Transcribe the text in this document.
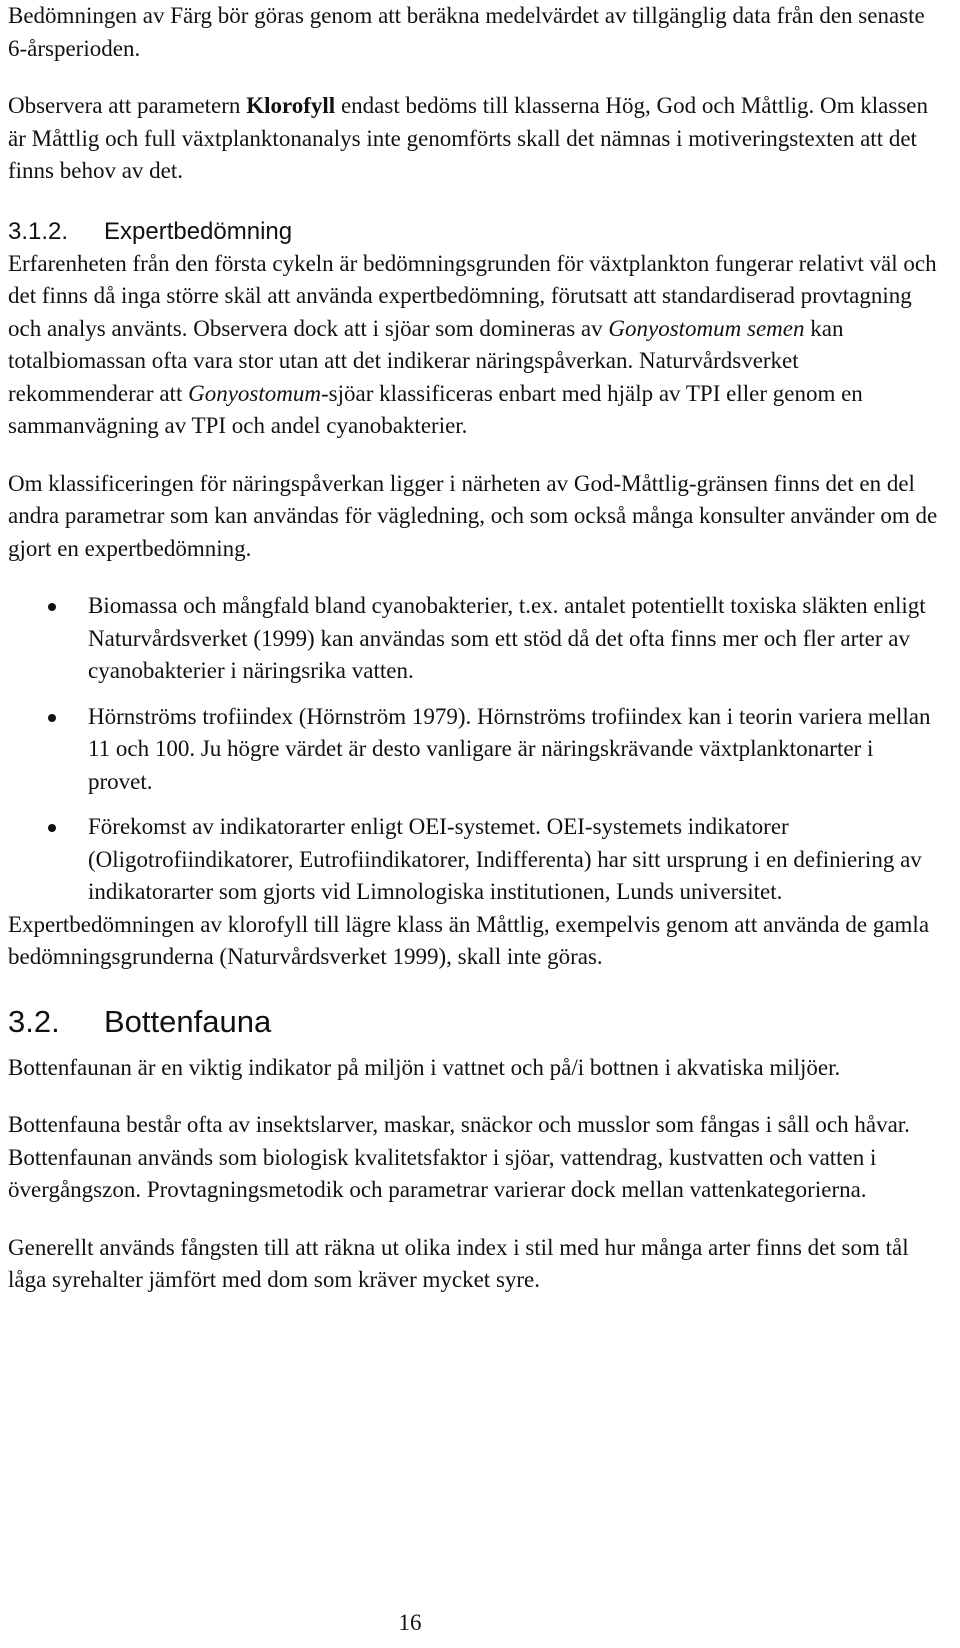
Bedömningen av Färg bör göras genom att beräkna medelvärdet av tillgänglig data från den senaste 6-årsperioden.

Observera att parametern Klorofyll endast bedöms till klasserna Hög, God och Måttlig. Om klassen är Måttlig och full växtplanktonanalys inte genomförts skall det nämnas i motiveringstexten att det finns behov av det.

3.1.2.	Expertbedömning

Erfarenheten från den första cykeln är bedömningsgrunden för växtplankton fungerar relativt väl och det finns då inga större skäl att använda expertbedömning, förutsatt att standardiserad provtagning och analys använts. Observera dock att i sjöar som domineras av Gonyostomum semen kan totalbiomassan ofta vara stor utan att det indikerar näringspåverkan. Naturvårdsverket rekommenderar att Gonyostomum-sjöar klassificeras enbart med hjälp av TPI eller genom en sammanvägning av TPI och andel cyanobakterier.

Om klassificeringen för näringspåverkan ligger i närheten av God-Måttlig-gränsen finns det en del andra parametrar som kan användas för vägledning, och som också många konsulter använder om de gjort en expertbedömning.

Biomassa och mångfald bland cyanobakterier, t.ex. antalet potentiellt toxiska släkten enligt Naturvårdsverket (1999) kan användas som ett stöd då det ofta finns mer och fler arter av cyanobakterier i näringsrika vatten.
Hörnströms trofiindex (Hörnström 1979). Hörnströms trofiindex kan i teorin variera mellan 11 och 100. Ju högre värdet är desto vanligare är näringskrävande växtplanktonarter i provet.
Förekomst av indikatorarter enligt OEI-systemet. OEI-systemets indikatorer (Oligotrofiindikatorer, Eutrofiindikatorer, Indifferenta) har sitt ursprung i en definiering av indikatorarter som gjorts vid Limnologiska institutionen, Lunds universitet.

Expertbedömningen av klorofyll till lägre klass än Måttlig, exempelvis genom att använda de gamla bedömningsgrunderna (Naturvårdsverket 1999), skall inte göras.

3.2.	Bottenfauna

Bottenfaunan är en viktig indikator på miljön i vattnet och på/i bottnen i akvatiska miljöer.

Bottenfauna består ofta av insektslarver, maskar, snäckor och musslor som fångas i såll och håvar. Bottenfaunan används som biologisk kvalitetsfaktor i sjöar, vattendrag, kustvatten och vatten i övergångszon. Provtagningsmetodik och parametrar varierar dock mellan vattenkategorierna.

Generellt används fångsten till att räkna ut olika index i stil med hur många arter finns det som tål låga syrehalter jämfört med dom som kräver mycket syre.

16
